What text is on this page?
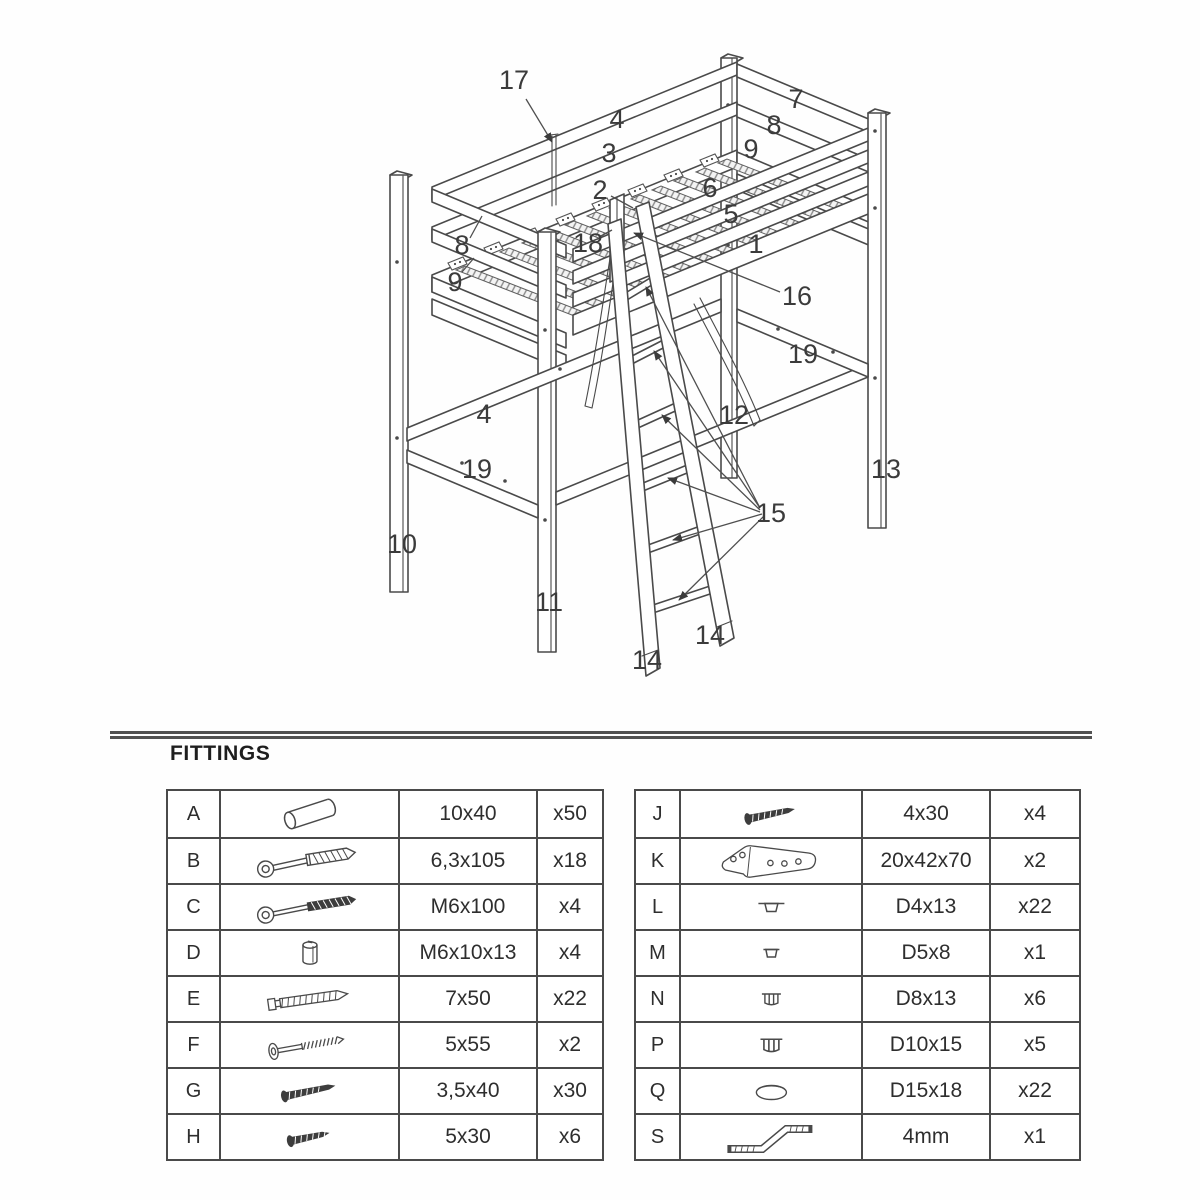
17
4
7
8
3	9
2	6
5
1
8	18
9	16
19
12
4
19	13
15
10
11
14
14
FITTINGS
A	10x40	x50
B	6,3x105	x18
C	M6x100	x4
D	M6x10x13	x4
E	7x50	x22
F	5x55	x2
G	3,5x40	x30
H	5x30	x6
J	4x30	x4
K	20x42x70	x2
L	D4x13	x22
M	D5x8	x1
N	D8x13	x6
P	D10x15	x5
Q	D15x18	x22
S	4mm	x1
